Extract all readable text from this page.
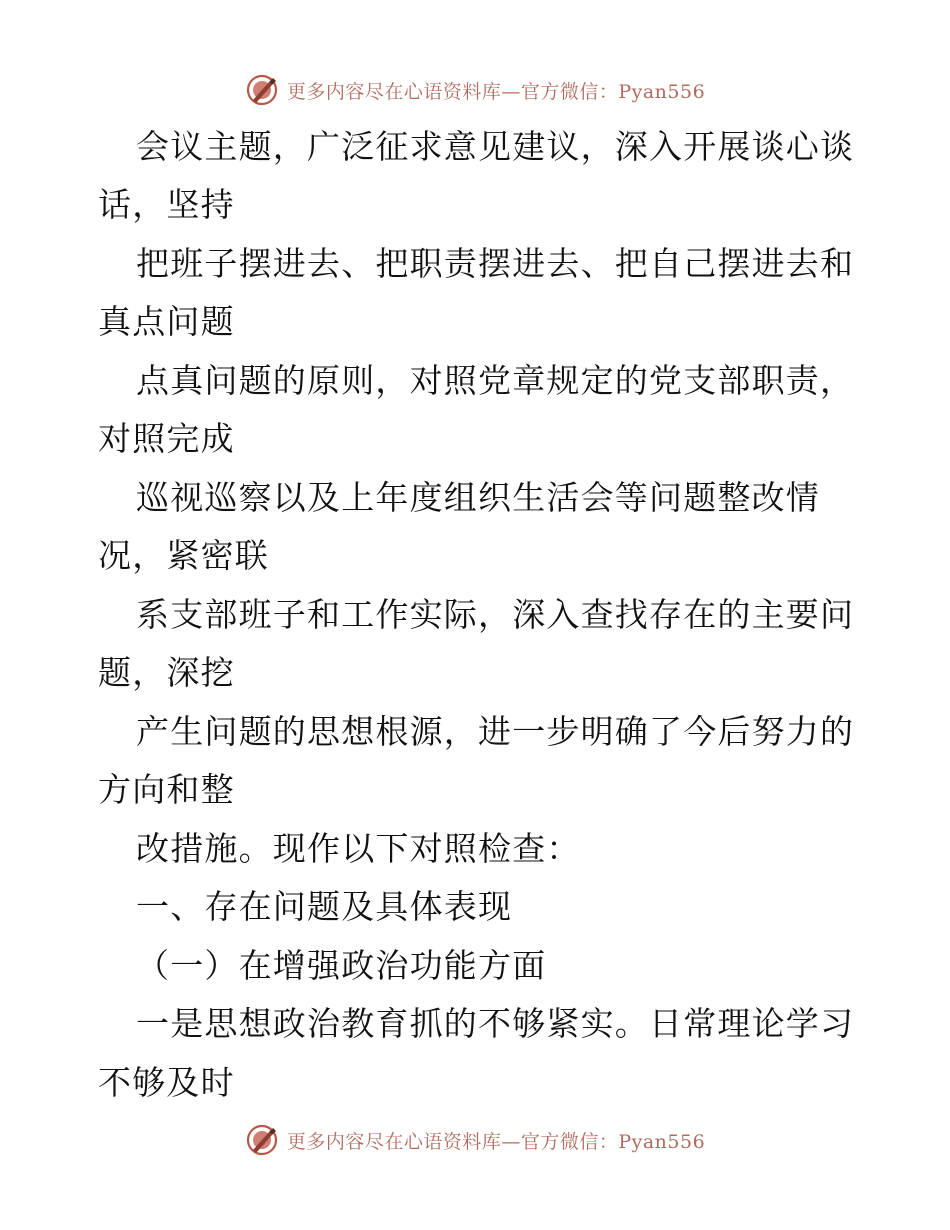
更多内容尽在心语资料库—官方微信：Pyan556
会议主题，广泛征求意见建议，深入开展谈心谈
话，坚持
把班子摆进去、把职责摆进去、把自己摆进去和
真点问题
点真问题的原则，对照党章规定的党支部职责，
对照完成
巡视巡察以及上年度组织生活会等问题整改情
况，紧密联
系支部班子和工作实际，深入查找存在的主要问
题，深挖
产生问题的思想根源，进一步明确了今后努力的
方向和整
改措施。现作以下对照检查：
一、存在问题及具体表现
（一）在增强政治功能方面
一是思想政治教育抓的不够紧实。日常理论学习
不够及时
更多内容尽在心语资料库—官方微信：Pyan556
